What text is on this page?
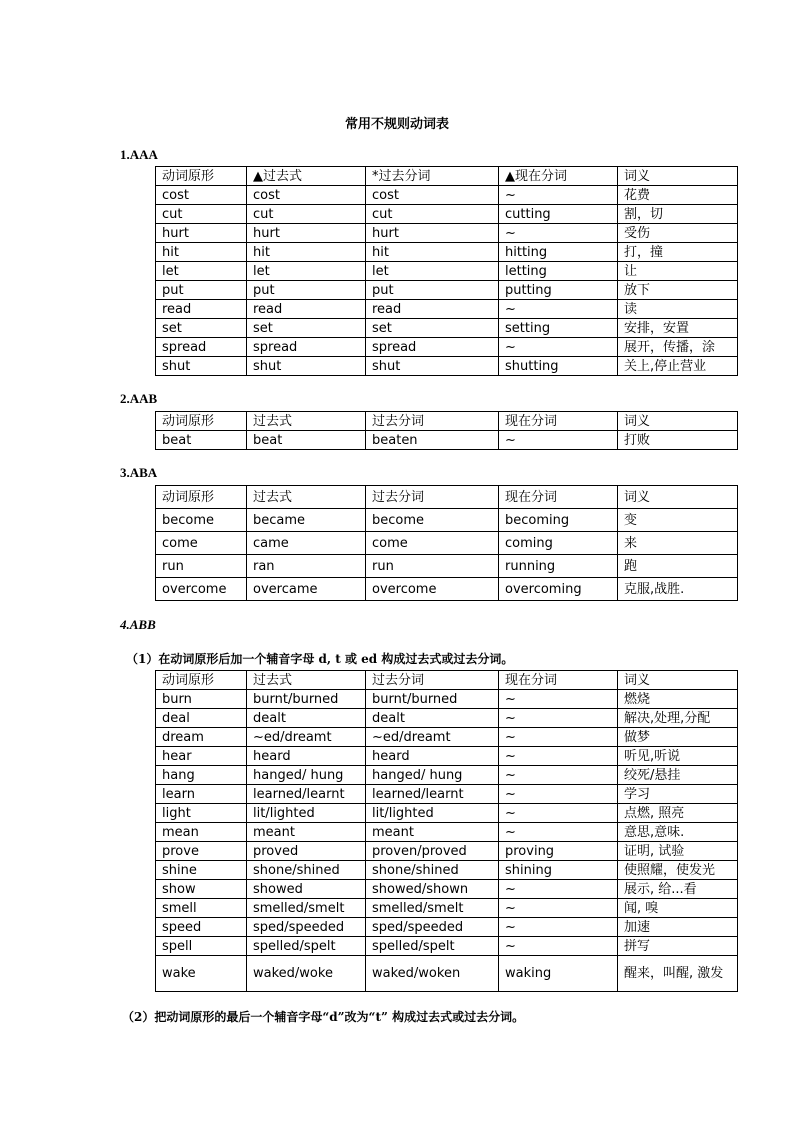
常用不规则动词表
1.AAA
动词原形	▲过去式	*过去分词	▲现在分词	词义
cost	cost	cost	~	花费
cut	cut	cut	cutting	割，切
hurt	hurt	hurt	~	受伤
hit	hit	hit	hitting	打，撞
let	let	let	letting	让
put	put	put	putting	放下
read	read	read	~	读
set	set	set	setting	安排，安置
spread	spread	spread	~	展开，传播，涂
shut	shut	shut	shutting	关上,停止营业
2.AAB
动词原形	过去式	过去分词	现在分词	词义
beat	beat	beaten	~	打败
3.ABA
动词原形	过去式	过去分词	现在分词	词义
become	became	become	becoming	变
come	came	come	coming	来
run	ran	run	running	跑
overcome	overcame	overcome	overcoming	克服,战胜.
4.ABB
（1）在动词原形后加一个辅音字母 d, t 或 ed 构成过去式或过去分词。
动词原形	过去式	过去分词	现在分词	词义
burn	burnt/burned	burnt/burned	~	燃烧
deal	dealt	dealt	~	解决,处理,分配
dream	~ed/dreamt	~ed/dreamt	~	做梦
hear	heard	heard	~	听见,听说
hang	hanged/ hung	hanged/ hung	~	绞死/悬挂
learn	learned/learnt	learned/learnt	~	学习
light	lit/lighted	lit/lighted	~	点燃, 照亮
mean	meant	meant	~	意思,意味.
prove	proved	proven/proved	proving	证明, 试验
shine	shone/shined	shone/shined	shining	使照耀，使发光
show	showed	showed/shown	~	展示, 给...看
smell	smelled/smelt	smelled/smelt	~	闻, 嗅
speed	sped/speeded	sped/speeded	~	加速
spell	spelled/spelt	spelled/spelt	~	拼写
wake	waked/woke	waked/woken	waking	醒来，叫醒, 激发
（2）把动词原形的最后一个辅音字母“d”改为“t” 构成过去式或过去分词。
